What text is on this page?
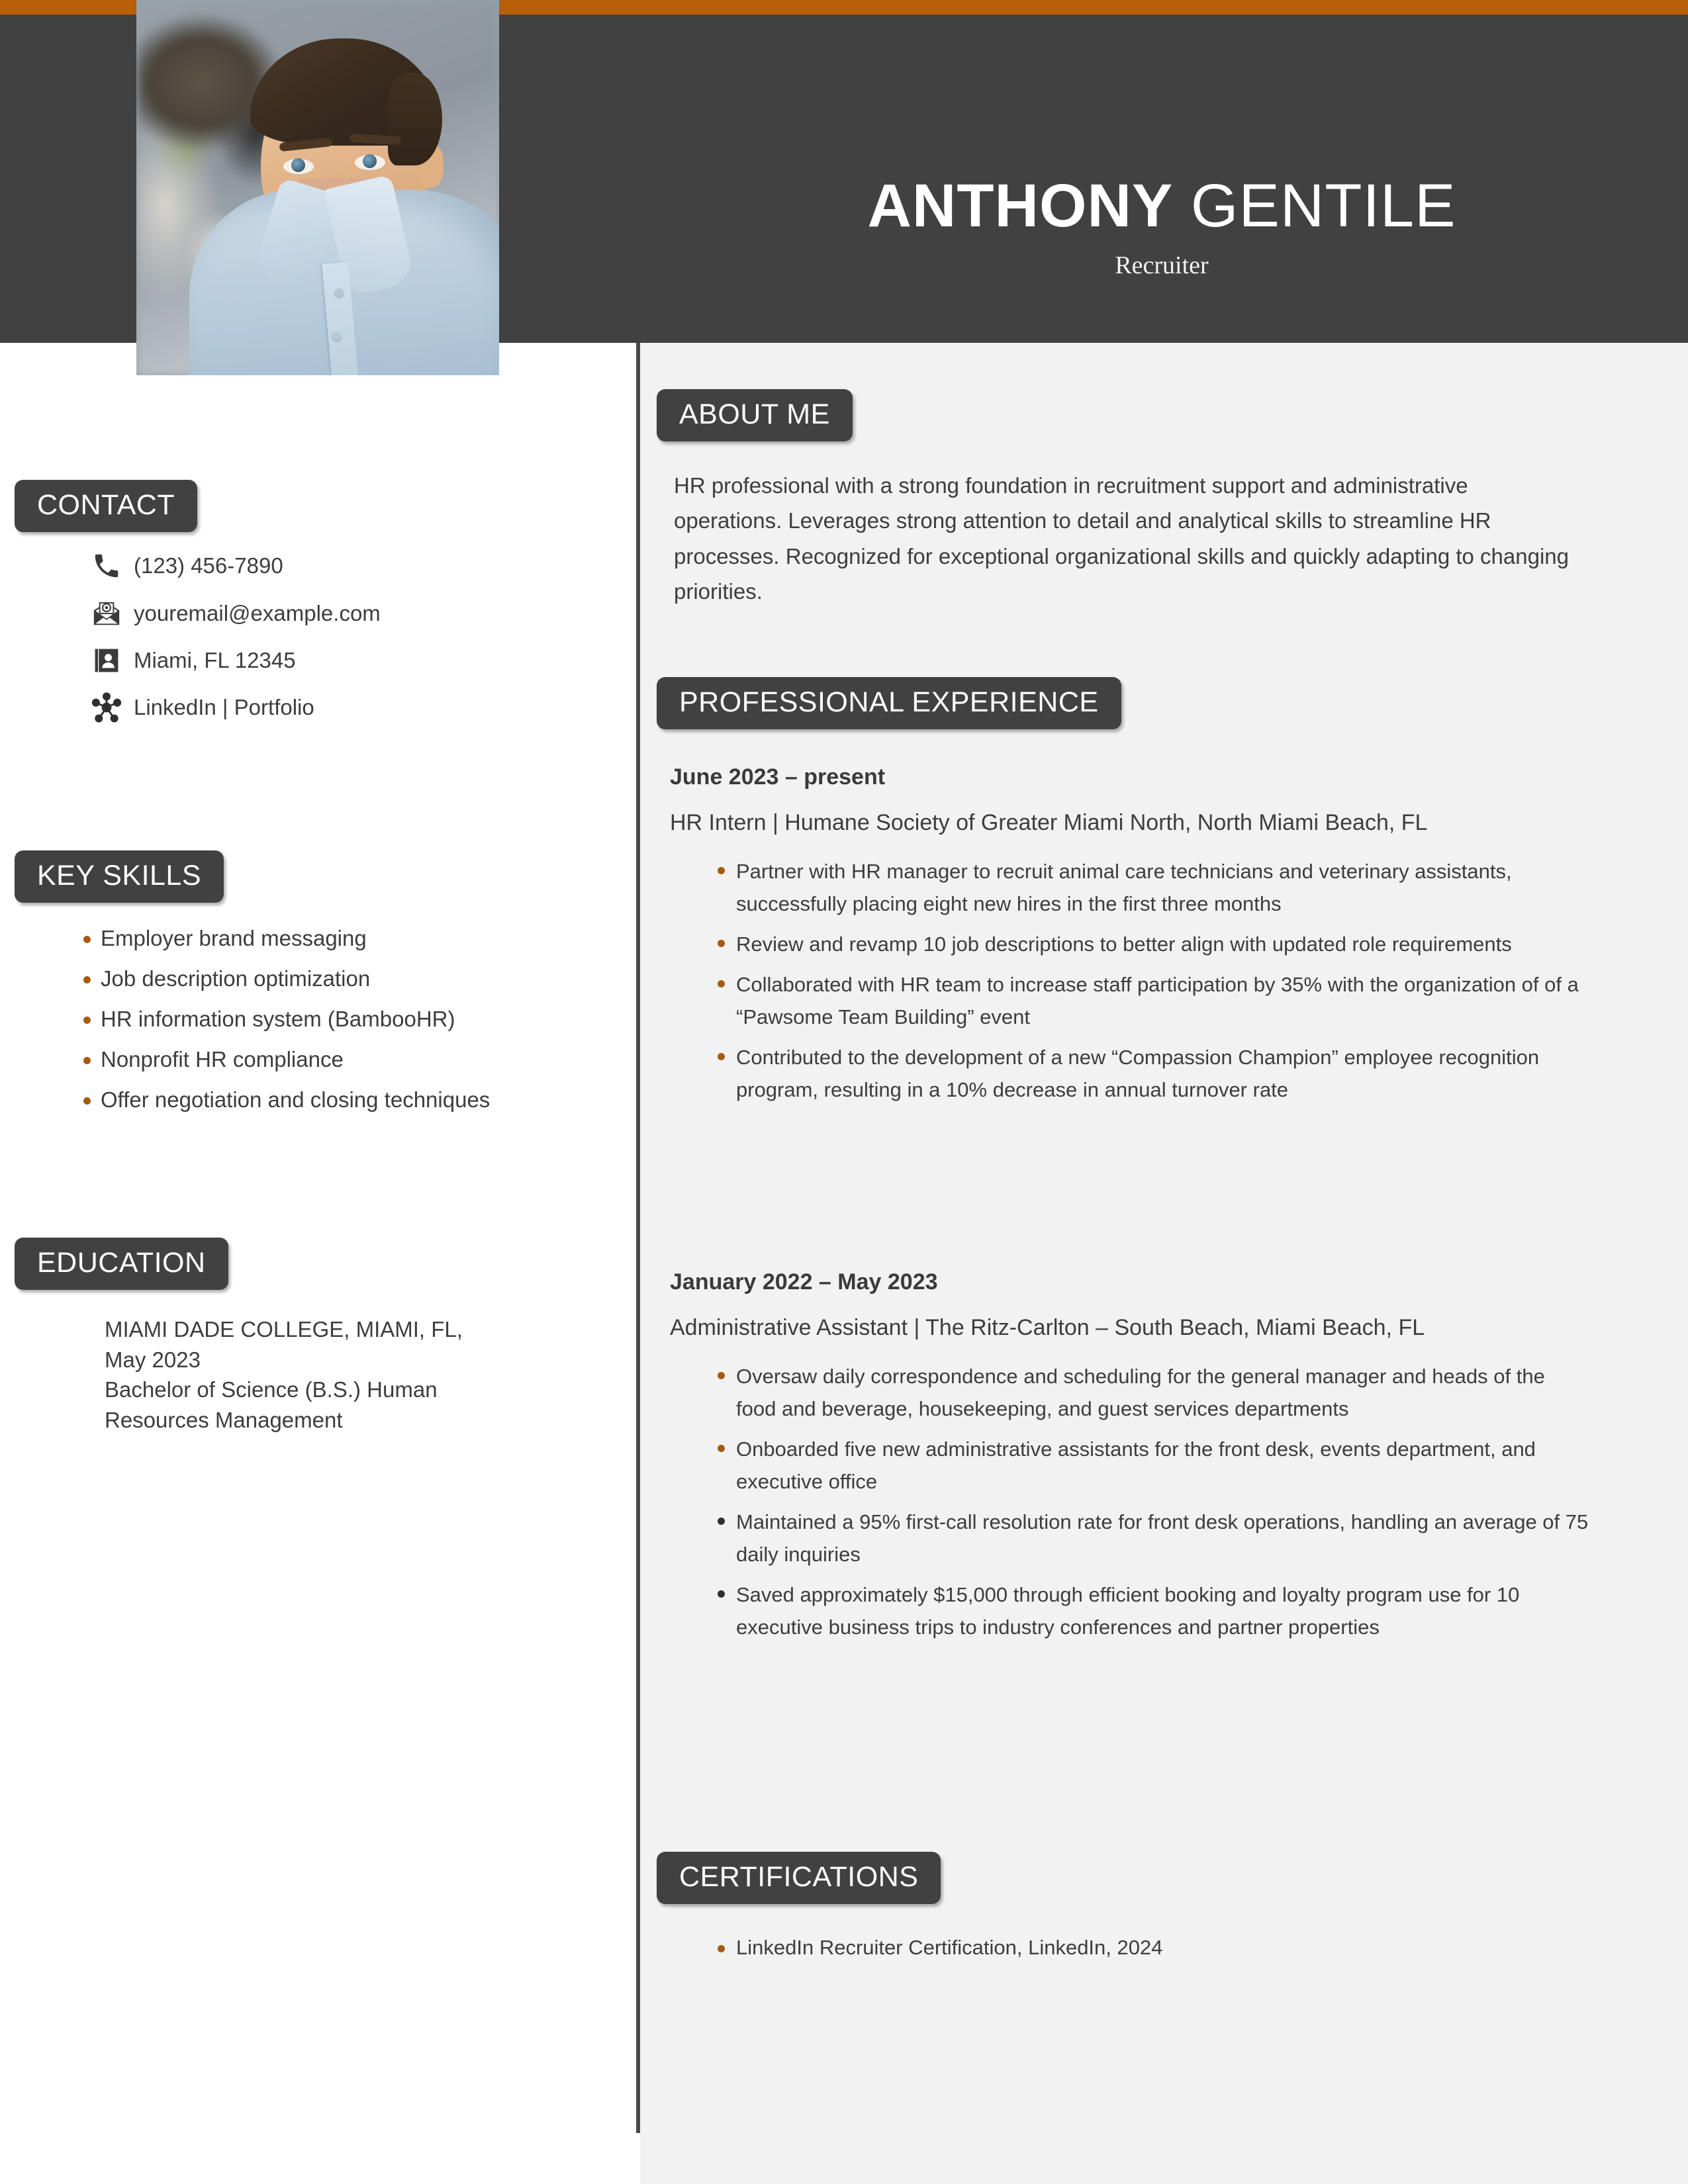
ANTHONY GENTILE
Recruiter
CONTACT
(123) 456-7890
youremail@example.com
Miami, FL 12345
LinkedIn | Portfolio
KEY SKILLS
Employer brand messaging
Job description optimization
HR information system (BambooHR)
Nonprofit HR compliance
Offer negotiation and closing techniques
EDUCATION
MIAMI DADE COLLEGE, MIAMI, FL,
May 2023
Bachelor of Science (B.S.) Human
Resources Management
ABOUT ME
HR professional with a strong foundation in recruitment support and administrative operations. Leverages strong attention to detail and analytical skills to streamline HR processes. Recognized for exceptional organizational skills and quickly adapting to changing priorities.
PROFESSIONAL EXPERIENCE
June 2023 – present
HR Intern | Humane Society of Greater Miami North, North Miami Beach, FL
Partner with HR manager to recruit animal care technicians and veterinary assistants, successfully placing eight new hires in the first three months
Review and revamp 10 job descriptions to better align with updated role requirements
Collaborated with HR team to increase staff participation by 35% with the organization of of a “Pawsome Team Building” event
Contributed to the development of a new “Compassion Champion” employee recognition program, resulting in a 10% decrease in annual turnover rate
January 2022 – May 2023
Administrative Assistant | The Ritz-Carlton – South Beach, Miami Beach, FL
Oversaw daily correspondence and scheduling for the general manager and heads of the food and beverage, housekeeping, and guest services departments
Onboarded five new administrative assistants for the front desk, events department, and executive office
Maintained a 95% first-call resolution rate for front desk operations, handling an average of 75 daily inquiries
Saved approximately $15,000 through efficient booking and loyalty program use for 10 executive business trips to industry conferences and partner properties
CERTIFICATIONS
LinkedIn Recruiter Certification, LinkedIn, 2024
